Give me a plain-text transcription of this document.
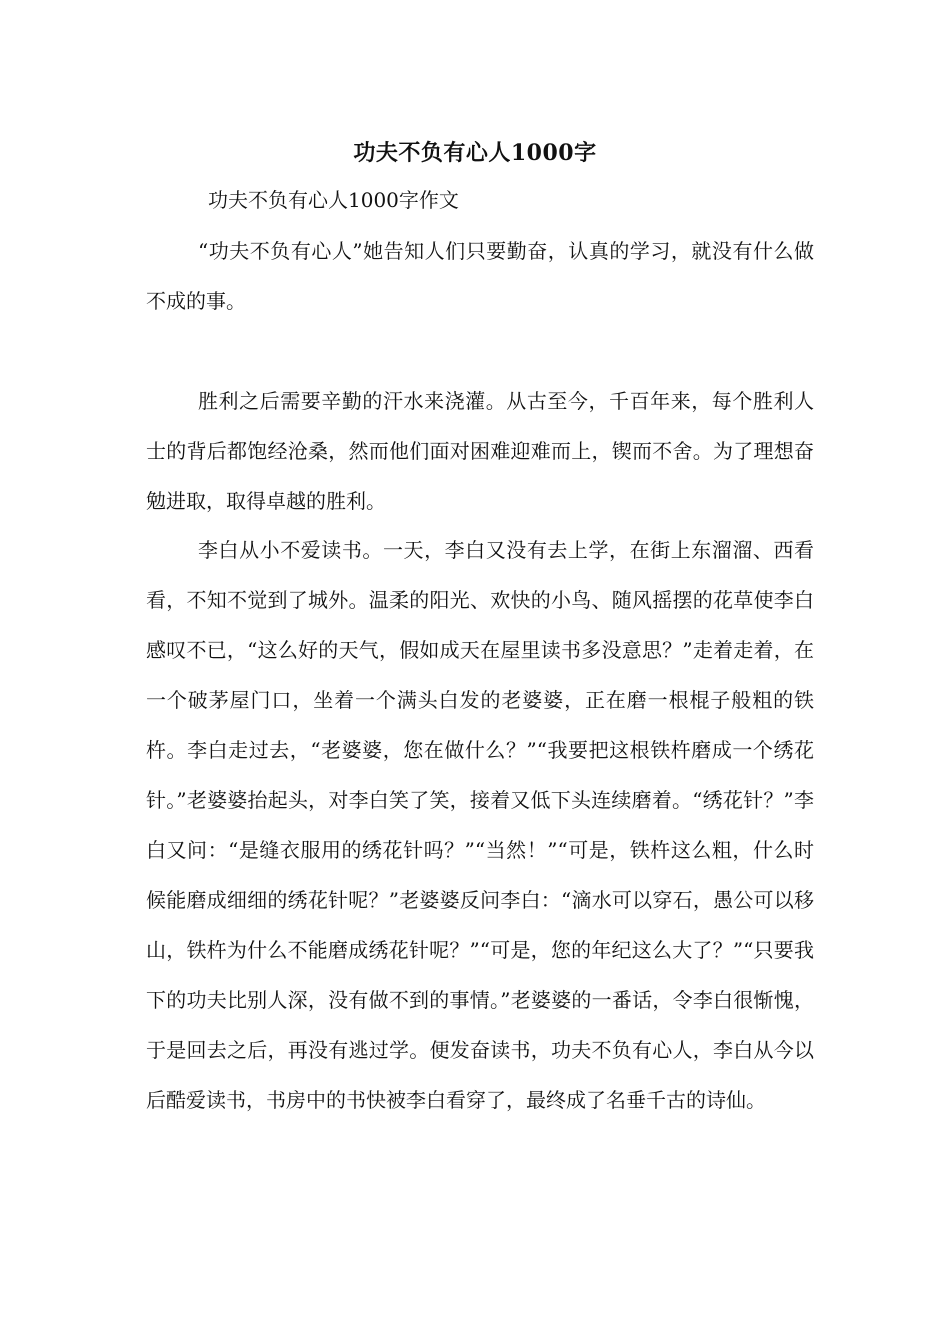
功夫不负有心人1000字
功夫不负有心人1000字作文

“功夫不负有心人”她告知人们只要勤奋，认真的学习，就没有什么做不成的事。

胜利之后需要辛勤的汗水来浇灌。从古至今，千百年来，每个胜利人士的背后都饱经沧桑，然而他们面对困难迎难而上，锲而不舍。为了理想奋勉进取，取得卓越的胜利。

李白从小不爱读书。一天，李白又没有去上学，在街上东溜溜、西看看，不知不觉到了城外。温柔的阳光、欢快的小鸟、随风摇摆的花草使李白感叹不已，“这么好的天气，假如成天在屋里读书多没意思？”走着走着，在一个破茅屋门口，坐着一个满头白发的老婆婆，正在磨一根棍子般粗的铁杵。李白走过去，“老婆婆，您在做什么？”“我要把这根铁杵磨成一个绣花针。”老婆婆抬起头，对李白笑了笑，接着又低下头连续磨着。“绣花针？”李白又问：“是缝衣服用的绣花针吗？”“当然！”“可是，铁杵这么粗，什么时候能磨成细细的绣花针呢？”老婆婆反问李白：“滴水可以穿石，愚公可以移山，铁杵为什么不能磨成绣花针呢？”“可是，您的年纪这么大了？”“只要我下的功夫比别人深，没有做不到的事情。”老婆婆的一番话，令李白很惭愧，于是回去之后，再没有逃过学。便发奋读书，功夫不负有心人，李白从今以后酷爱读书，书房中的书快被李白看穿了，最终成了名垂千古的诗仙。
